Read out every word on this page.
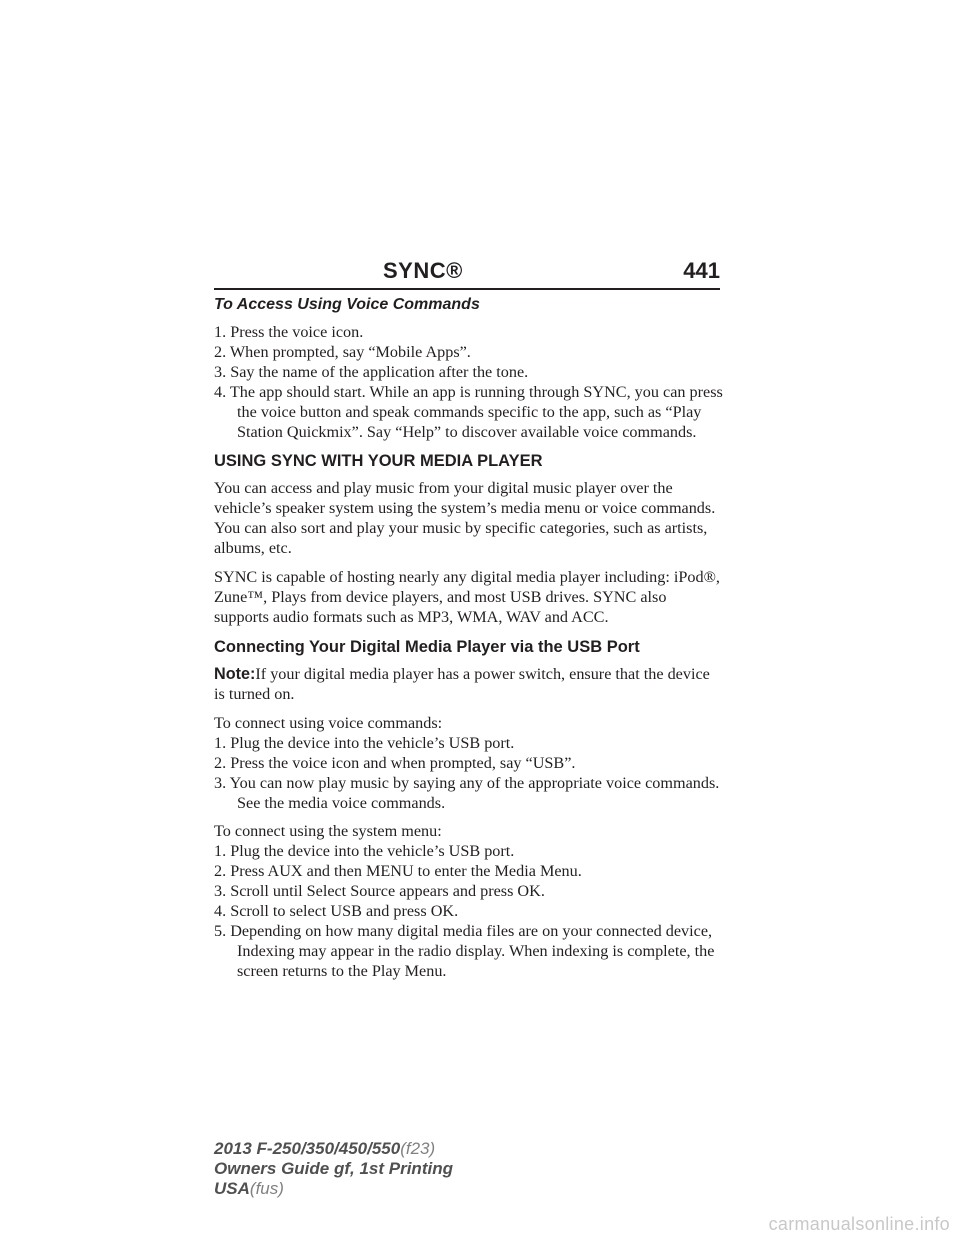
SYNC®	441
To Access Using Voice Commands
1. Press the voice icon.
2. When prompted, say “Mobile Apps”.
3. Say the name of the application after the tone.
4. The app should start. While an app is running through SYNC, you can press the voice button and speak commands specific to the app, such as “Play Station Quickmix”. Say “Help” to discover available voice commands.
USING SYNC WITH YOUR MEDIA PLAYER

You can access and play music from your digital music player over the vehicle’s speaker system using the system’s media menu or voice commands. You can also sort and play your music by specific categories, such as artists, albums, etc.

SYNC is capable of hosting nearly any digital media player including: iPod®, Zune™, Plays from device players, and most USB drives. SYNC also supports audio formats such as MP3, WMA, WAV and ACC.

Connecting Your Digital Media Player via the USB Port

Note:If your digital media player has a power switch, ensure that the device is turned on.

To connect using voice commands:
1. Plug the device into the vehicle’s USB port.
2. Press the voice icon and when prompted, say “USB”.
3. You can now play music by saying any of the appropriate voice commands. See the media voice commands.
To connect using the system menu:
1. Plug the device into the vehicle’s USB port.
2. Press AUX and then MENU to enter the Media Menu.
3. Scroll until Select Source appears and press OK.
4. Scroll to select USB and press OK.
5. Depending on how many digital media files are on your connected device, Indexing may appear in the radio display. When indexing is complete, the screen returns to the Play Menu.
2013 F-250/350/450/550(f23)
Owners Guide gf, 1st Printing
USA(fus)
carmanualsonline.info
